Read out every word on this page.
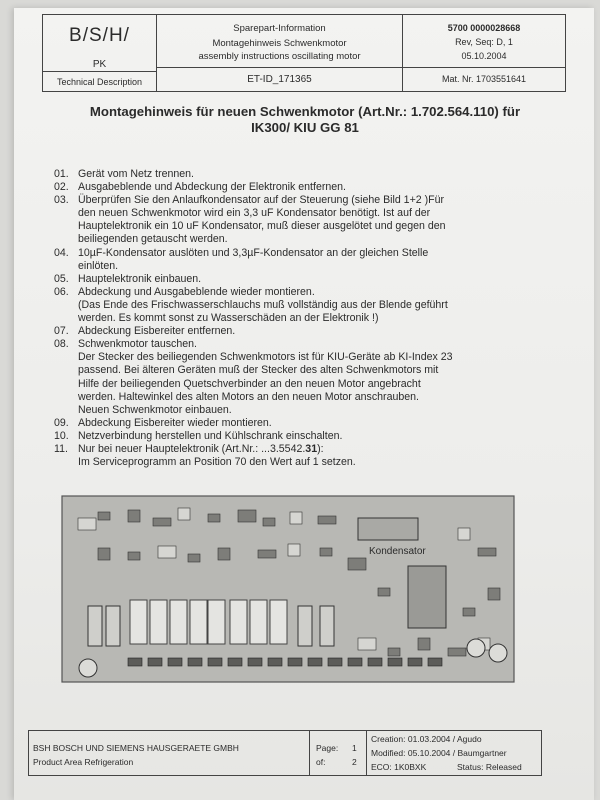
B/S/H/
PK
Technical Description
Sparepart-Information
Montagehinweis Schwenkmotor
assembly instructions oscillating motor
ET-ID_171365
5700 0000028668
Rev, Seq: D, 1
05.10.2004
Mat. Nr. 1703551641
Montagehinweis für neuen Schwenkmotor (Art.Nr.: 1.702.564.110) für
IK300/ KIU GG 81
01. Gerät vom Netz trennen.
02. Ausgabeblende und Abdeckung der Elektronik entfernen.
03. Überprüfen Sie den Anlaufkondensator auf der Steuerung (siehe Bild 1+2 )Für
den neuen Schwenkmotor wird ein 3,3 uF Kondensator benötigt. Ist auf der
Hauptelektronik ein 10 uF Kondensator, muß dieser ausgelötet und gegen den
beiliegenden getauscht werden.
04. 10µF-Kondensator auslöten und 3,3µF-Kondensator an der gleichen Stelle
einlöten.
05. Hauptelektronik einbauen.
06. Abdeckung und Ausgabeblende wieder montieren.
(Das Ende des Frischwasserschlauchs muß vollständig aus der Blende geführt
werden. Es kommt sonst zu Wasserschäden an der Elektronik !)
07. Abdeckung Eisbereiter entfernen.
08. Schwenkmotor tauschen.
Der Stecker des beiliegenden Schwenkmotors ist für KIU-Geräte ab KI-Index 23
passend. Bei älteren Geräten muß der Stecker des alten Schwenkmotors mit
Hilfe der beiliegenden Quetschverbinder an den neuen Motor angebracht
werden. Haltewinkel des alten Motors an den neuen Motor anschrauben.
Neuen Schwenkmotor einbauen.
09. Abdeckung Eisbereiter wieder montieren.
10. Netzverbindung herstellen und Kühlschrank einschalten.
11. Nur bei neuer Hauptelektronik (Art.Nr.: ...3.5542.31):
Im Serviceprogramm an Position 70 den Wert auf 1 setzen.
Kondensator
BSH BOSCH UND SIEMENS HAUSGERAETE GMBH
Product Area Refrigeration
Page: 1
of:	2
Creation: 01.03.2004 / Agudo
Modified: 05.10.2004 / Baumgartner
ECO: 1K0BXK	Status: Released
